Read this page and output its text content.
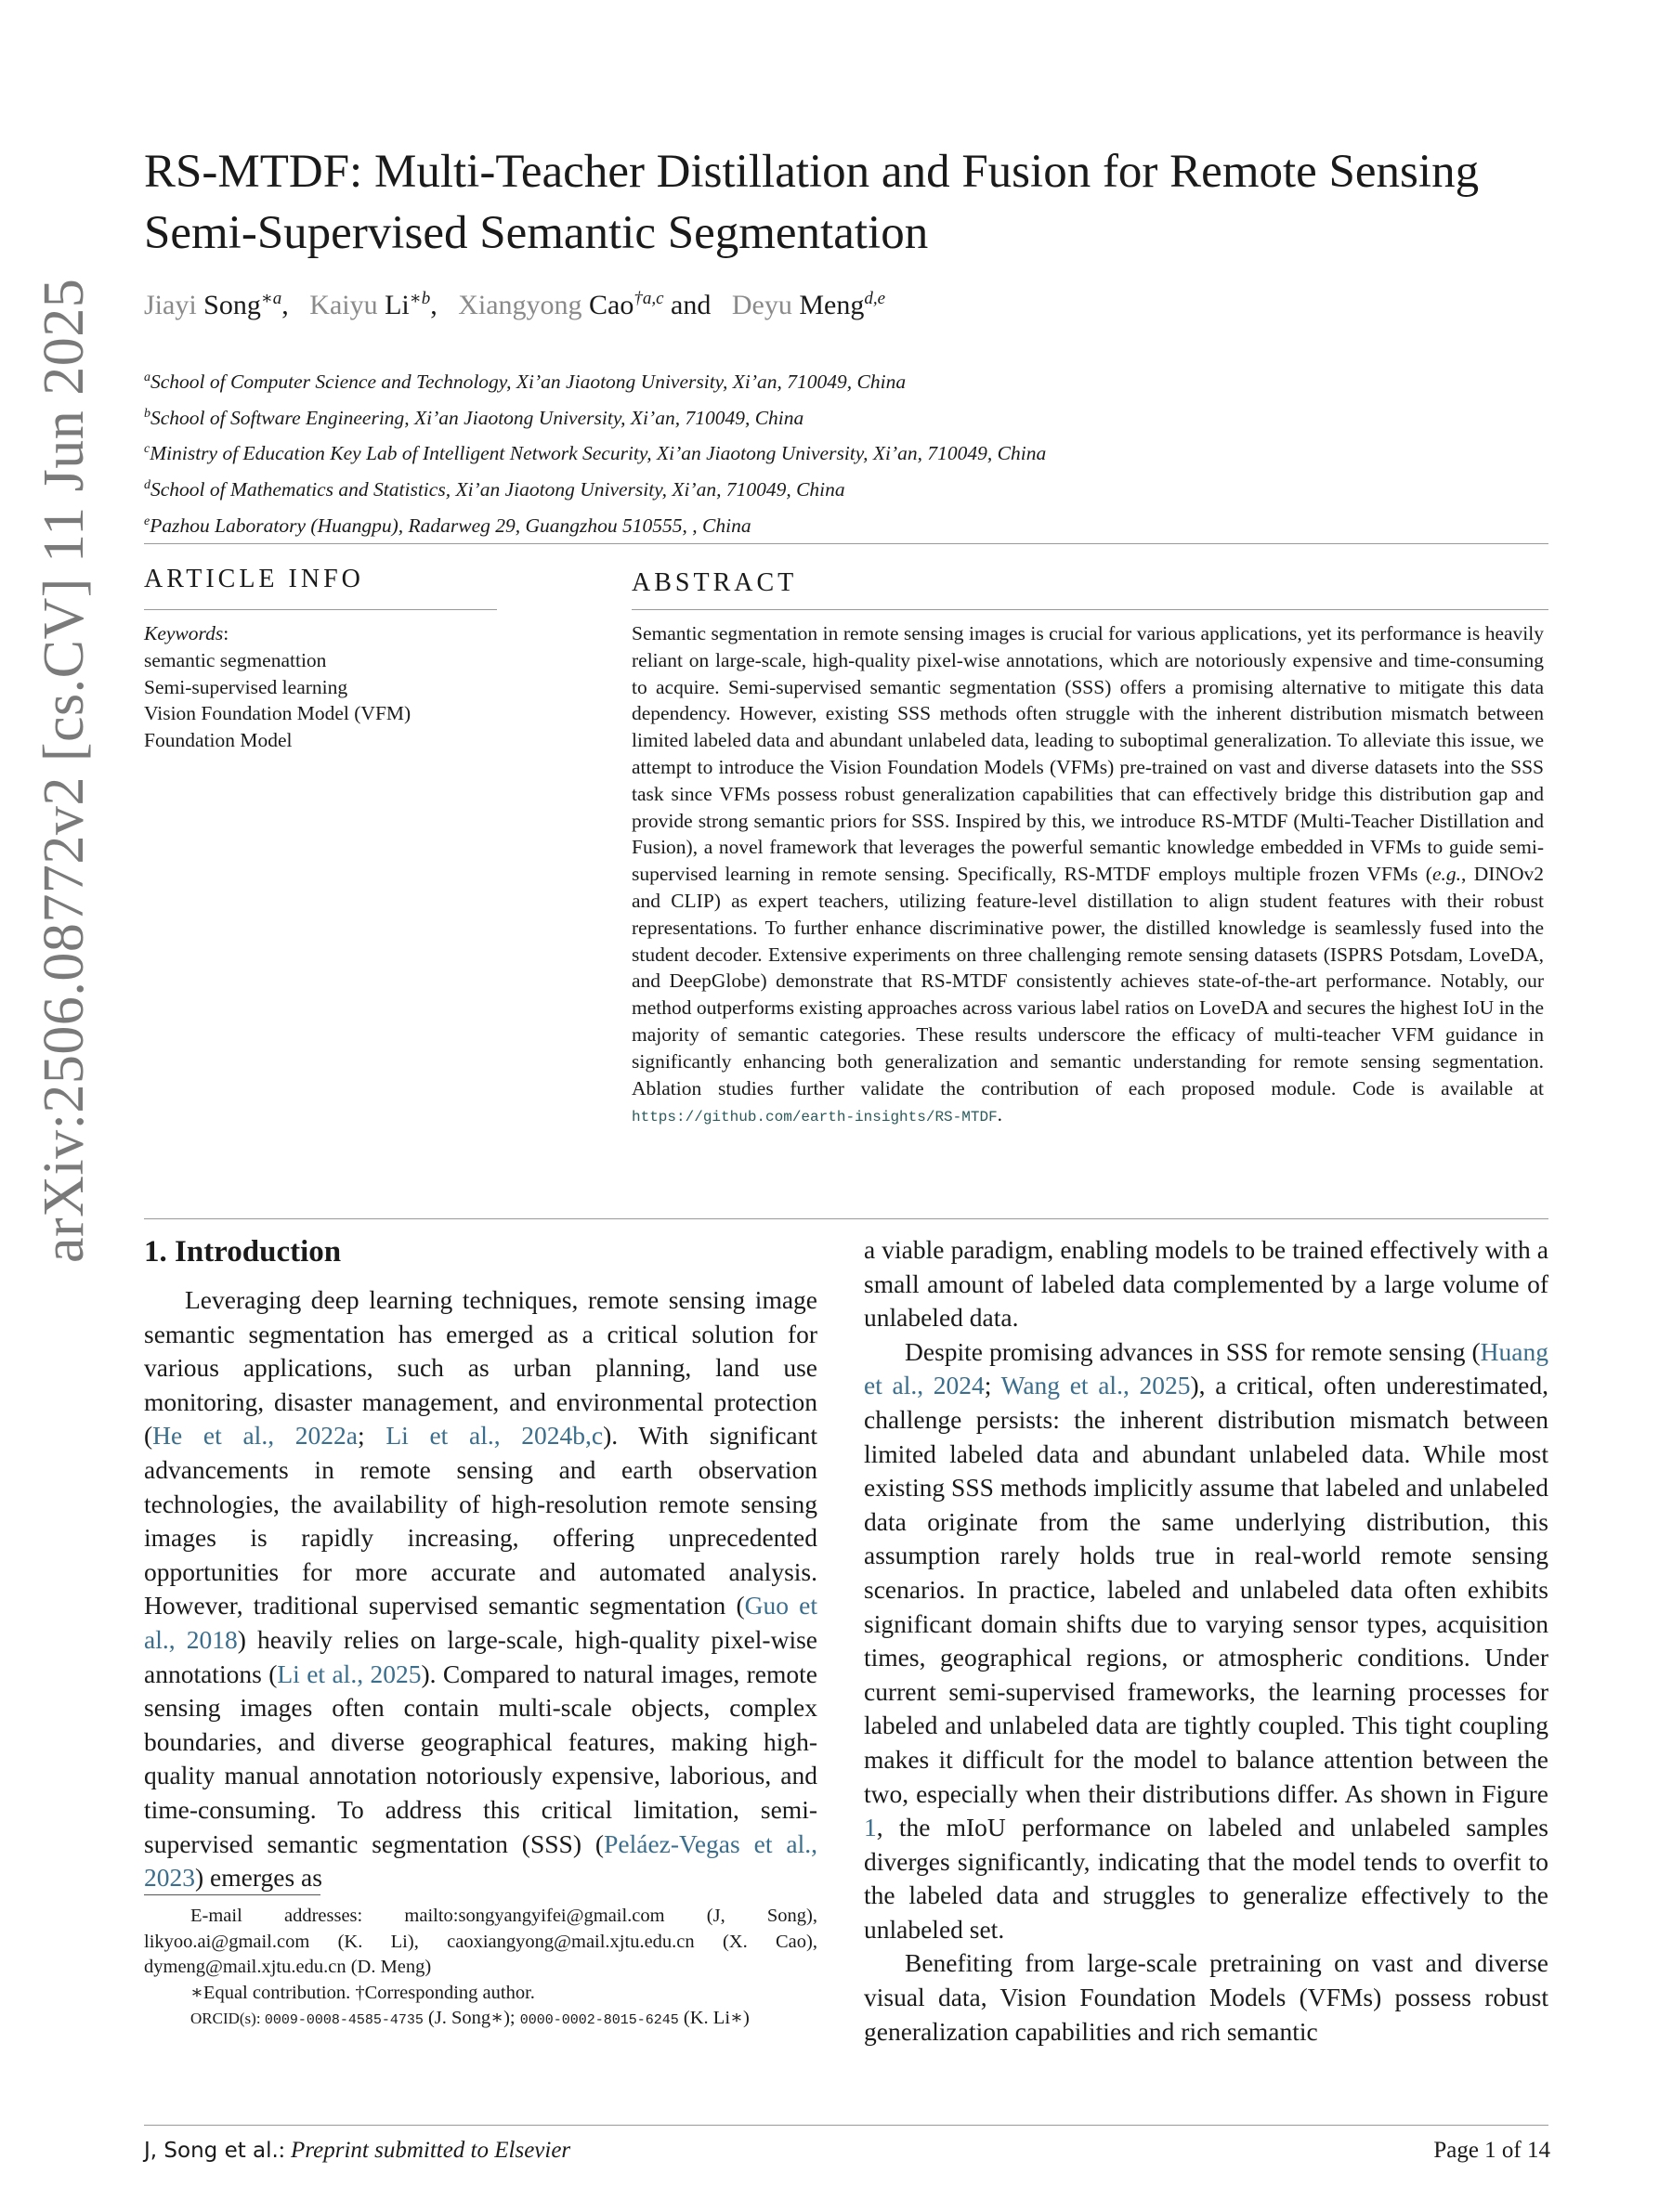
arXiv:2506.08772v2 [cs.CV] 11 Jun 2025
RS-MTDF: Multi-Teacher Distillation and Fusion for Remote Sensing Semi-Supervised Semantic Segmentation
Jiayi Song$^{∗a}$,   Kaiyu $Li^{∗b}$,   Xiangyong Cao$^{\dagger a,c}$ and   Deyu Meng$^{d,e}$
$^a$School of Computer Science and Technology, Xi’an Jiaotong University, Xi’an, 710049, China
$^b$School of Software Engineering, Xi’an Jiaotong University, Xi’an, 710049, China
$^c$Ministry of Education Key Lab of Intelligent Network Security, Xi’an Jiaotong University, Xi’an, 710049, China
$^d$School of Mathematics and Statistics, Xi’an Jiaotong University, Xi’an, 710049, China
$^e$Pazhou Laboratory (Huangpu), Radarweg 29, Guangzhou 510555, , China
ARTICLE INFO
Keywords:
semantic segmenattion
Semi-supervised learning
Vision Foundation Model (VFM)
Foundation Model
ABSTRACT

Semantic segmentation in remote sensing images is crucial for various applications, yet its performance is heavily reliant on large-scale, high-quality pixel-wise annotations, which are notoriously expensive and time-consuming to acquire. Semi-supervised semantic segmentation (SSS) offers a promising alternative to mitigate this data dependency. However, existing SSS methods often struggle with the inherent distribution mismatch between limited labeled data and abundant unlabeled data, leading to suboptimal generalization. To alleviate this issue, we attempt to introduce the Vision Foundation Models (VFMs) pre-trained on vast and diverse datasets into the SSS task since VFMs possess robust generalization capabilities that can effectively bridge this distribution gap and provide strong semantic priors for SSS. Inspired by this, we introduce RS-MTDF (Multi-Teacher Distillation and Fusion), a novel framework that leverages the powerful semantic knowledge embedded in VFMs to guide semi-supervised learning in remote sensing. Specifically, RS-MTDF employs multiple frozen VFMs (e.g., DINOv2 and CLIP) as expert teachers, utilizing feature-level distillation to align student features with their robust representations. To further enhance discriminative power, the distilled knowledge is seamlessly fused into the student decoder. Extensive experiments on three challenging remote sensing datasets (ISPRS Potsdam, LoveDA, and DeepGlobe) demonstrate that RS-MTDF consistently achieves state-of-the-art performance. Notably, our method outperforms existing approaches across various label ratios on LoveDA and secures the highest IoU in the majority of semantic categories. These results underscore the efficacy of multi-teacher VFM guidance in significantly enhancing both generalization and semantic understanding for remote sensing segmentation. Ablation studies further validate the contribution of each proposed module. Code is available at https://github.com/earth-insights/RS-MTDF.

1. Introduction

Leveraging deep learning techniques, remote sensing image semantic segmentation has emerged as a critical solution for various applications, such as urban planning, land use monitoring, disaster management, and environmental protection (He et al., 2022a; Li et al., 2024b,c). With significant advancements in remote sensing and earth observation technologies, the availability of high-resolution remote sensing images is rapidly increasing, offering unprecedented opportunities for more accurate and automated analysis. However, traditional supervised semantic segmentation (Guo et al., 2018) heavily relies on large-scale, high-quality pixel-wise annotations (Li et al., 2025). Compared to natural images, remote sensing images often contain multi-scale objects, complex boundaries, and diverse geographical features, making high-quality manual annotation notoriously expensive, laborious, and time-consuming. To address this critical limitation, semi-supervised semantic segmentation (SSS) (Peláez-Vegas et al., 2023) emerges as

E-mail addresses: mailto:songyangyifei@gmail.com (J, Song), likyoo.ai@gmail.com (K. Li), caoxiangyong@mail.xjtu.edu.cn (X. Cao), dymeng@mail.xjtu.edu.cn (D. Meng)

∗Equal contribution. †Corresponding author.

ORCID(s): 0009-0008-4585-4735 (J. Song∗); 0000-0002-8015-6245 (K. Li∗)

a viable paradigm, enabling models to be trained effectively with a small amount of labeled data complemented by a large volume of unlabeled data.

Despite promising advances in SSS for remote sensing (Huang et al., 2024; Wang et al., 2025), a critical, often underestimated, challenge persists: the inherent distribution mismatch between limited labeled data and abundant unlabeled data. While most existing SSS methods implicitly assume that labeled and unlabeled data originate from the same underlying distribution, this assumption rarely holds true in real-world remote sensing scenarios. In practice, labeled and unlabeled data often exhibits significant domain shifts due to varying sensor types, acquisition times, geographical regions, or atmospheric conditions. Under current semi-supervised frameworks, the learning processes for labeled and unlabeled data are tightly coupled. This tight coupling makes it difficult for the model to balance attention between the two, especially when their distributions differ. As shown in Figure 1, the mIoU performance on labeled and unlabeled samples diverges significantly, indicating that the model tends to overfit to the labeled data and struggles to generalize effectively to the unlabeled set.

Benefiting from large-scale pretraining on vast and diverse visual data, Vision Foundation Models (VFMs) possess robust generalization capabilities and rich semantic

J, Song et al.: Preprint submitted to Elsevier	Page 1 of 14
